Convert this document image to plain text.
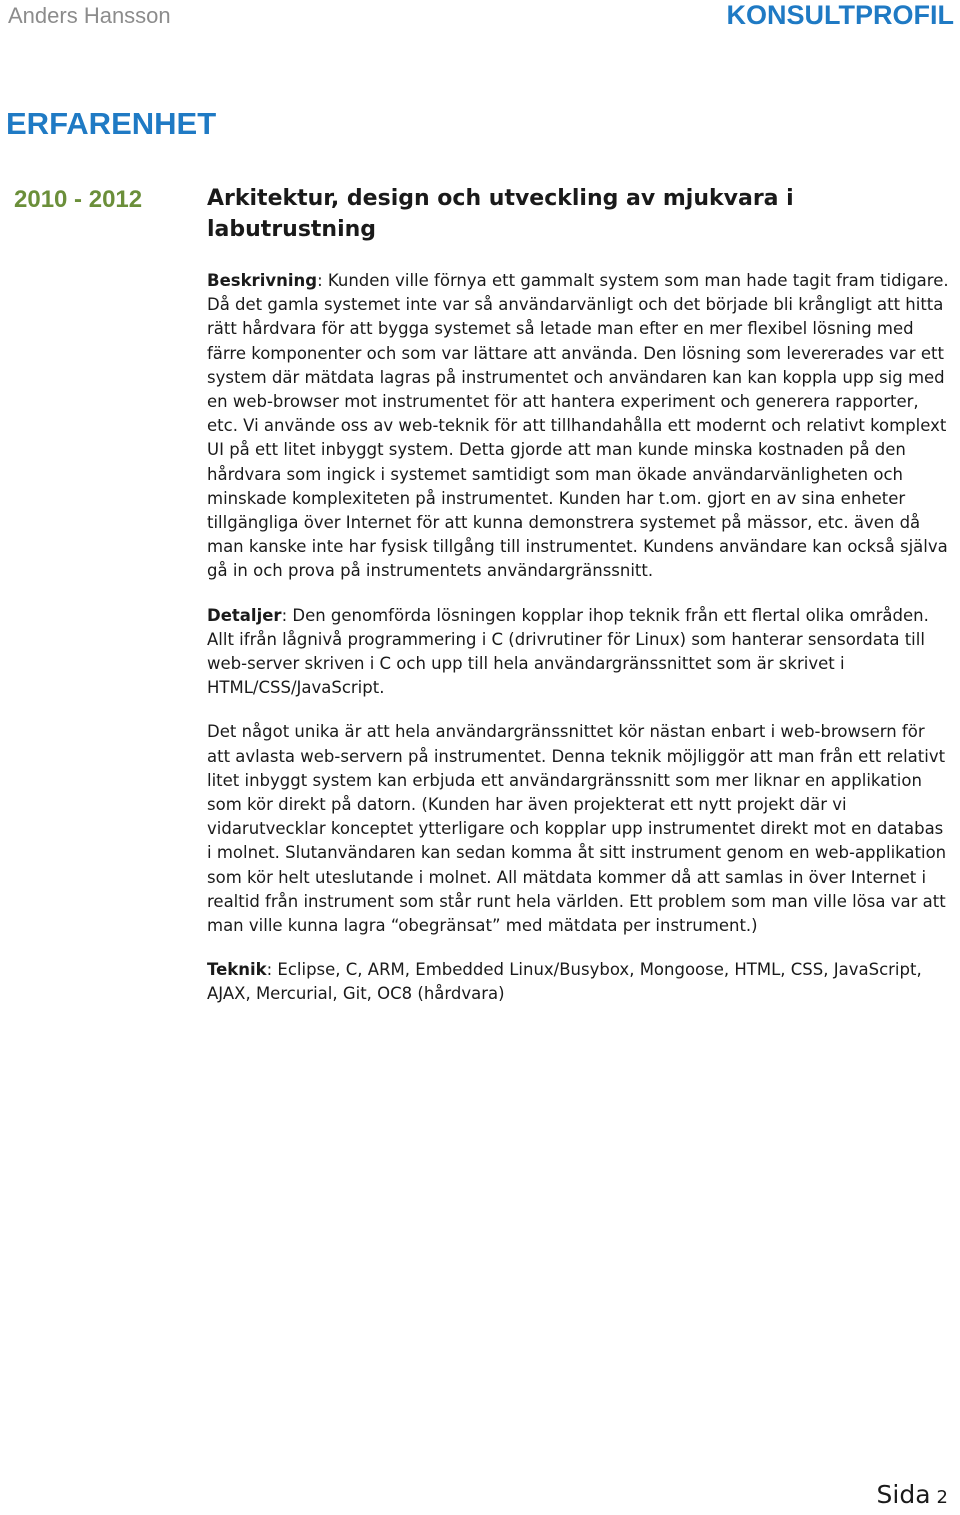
Anders Hansson	KONSULTPROFIL
ERFARENHET
2010 - 2012	Arkitektur, design och utveckling av mjukvara i labutrustning

Beskrivning: Kunden ville förnya ett gammalt system som man hade tagit fram tidigare. Då det gamla systemet inte var så användarvänligt och det började bli krångligt att hitta rätt hårdvara för att bygga systemet så letade man efter en mer flexibel lösning med färre komponenter och som var lättare att använda. Den lösning som levererades var ett system där mätdata lagras på instrumentet och användaren kan kan koppla upp sig med en web-browser mot instrumentet för att hantera experiment och generera rapporter, etc. Vi använde oss av web-teknik för att tillhandahålla ett modernt och relativt komplext UI på ett litet inbyggt system. Detta gjorde att man kunde minska kostnaden på den hårdvara som ingick i systemet samtidigt som man ökade användarvänligheten och minskade komplexiteten på instrumentet. Kunden har t.om. gjort en av sina enheter tillgängliga över Internet för att kunna demonstrera systemet på mässor, etc. även då man kanske inte har fysisk tillgång till instrumentet. Kundens användare kan också själva gå in och prova på instrumentets användargränssnitt.

Detaljer: Den genomförda lösningen kopplar ihop teknik från ett flertal olika områden. Allt ifrån lågnivå programmering i C (drivrutiner för Linux) som hanterar sensordata till web-server skriven i C och upp till hela användargränssnittet som är skrivet i HTML/CSS/JavaScript.

Det något unika är att hela användargränssnittet kör nästan enbart i web-browsern för att avlasta web-servern på instrumentet. Denna teknik möjliggör att man från ett relativt litet inbyggt system kan erbjuda ett användargränssnitt som mer liknar en applikation som kör direkt på datorn. (Kunden har även projekterat ett nytt projekt där vi vidarutvecklar konceptet ytterligare och kopplar upp instrumentet direkt mot en databas i molnet. Slutanvändaren kan sedan komma åt sitt instrument genom en web-applikation som kör helt uteslutande i molnet. All mätdata kommer då att samlas in över Internet i realtid från instrument som står runt hela världen. Ett problem som man ville lösa var att man ville kunna lagra “obegränsat” med mätdata per instrument.)

Teknik: Eclipse, C, ARM, Embedded Linux/Busybox, Mongoose, HTML, CSS, JavaScript, AJAX, Mercurial, Git, OC8 (hårdvara)

Sida 2
